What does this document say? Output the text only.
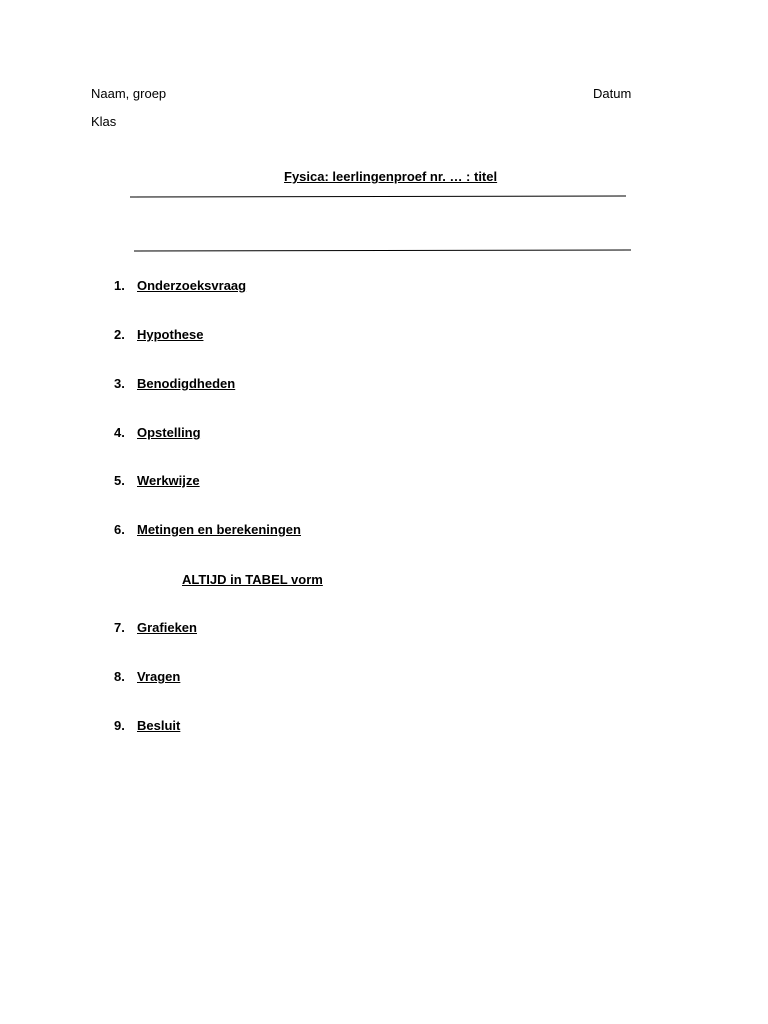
Naam, groep	Datum
Klas
Fysica: leerlingenproef nr. … : titel
1. Onderzoeksvraag
2. Hypothese
3. Benodigdheden
4. Opstelling
5. Werkwijze
6. Metingen en berekeningen
ALTIJD in TABEL vorm
7. Grafieken
8. Vragen
9. Besluit
